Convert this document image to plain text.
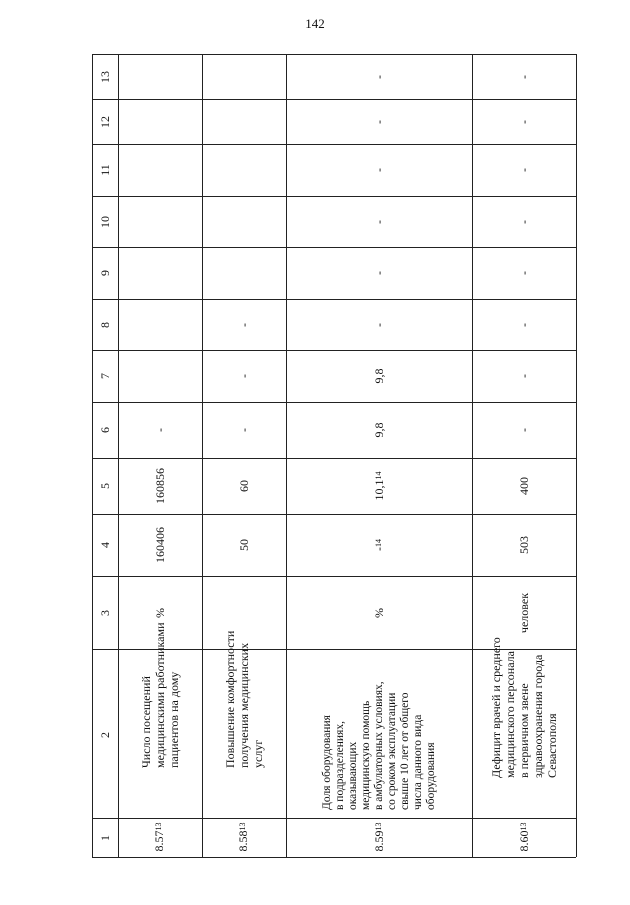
142
1
2
3
4
5
6
7
8
9
10
11
12
13
8.57
13
Число посещений медицинскими работниками пациентов на дому
%
160406
160856
-
8.58
13
Повышение комфортности получения медицинских услуг
50
60
-
-
-
8.59
13
Доля оборудования в подразделениях, оказывающих медицинскую помощь в амбулаторных условиях, со сроком эксплуатации свыше 10 лет от общего числа данного вида оборудования
%
-
14
10,1
14
9,8
9,8
-
-
-
-
-
-
8.60
13
Дефицит врачей и среднего медицинского персонала в первичном звене здравоохранения города Севастополя
человек
503
400
-
-
-
-
-
-
-
-
